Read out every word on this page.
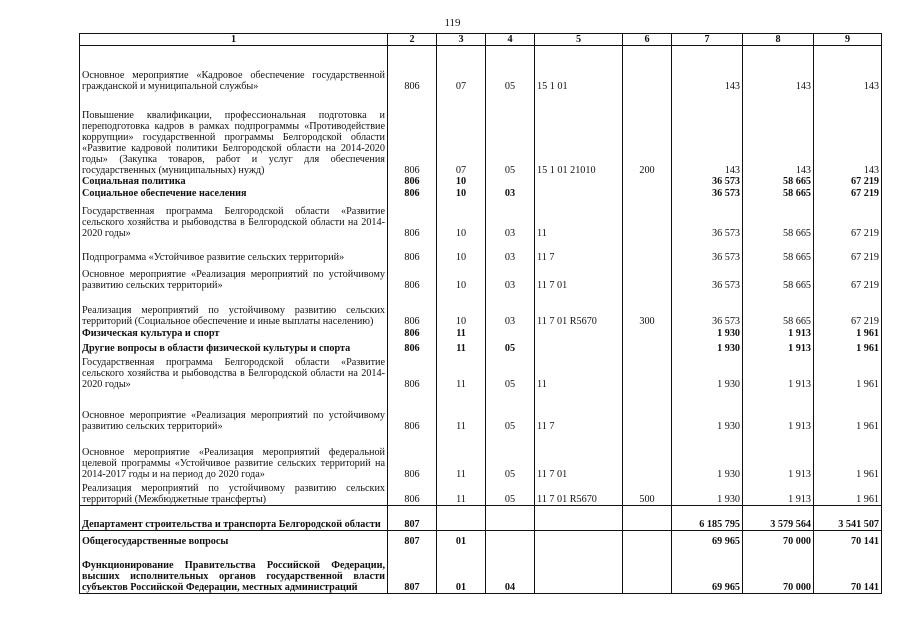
119
1	2	3	4	5	6	7	8	9
Основное мероприятие «Кадровое обеспечение государственной гражданской и муниципальной службы»	806	07	05	15 1 01		143	143	143
Повышение квалификации, профессиональная подготовка и переподготовка кадров в рамках подпрограммы «Противодействие коррупции» государственной программы Белгородской области «Развитие кадровой политики Белгородской области на 2014-2020 годы» (Закупка товаров, работ и услуг для обеспечения государственных (муниципальных) нужд)	806	07	05	15 1 01 21010	200	143	143	143
Социальная политика	806	10				36 573	58 665	67 219
Социальное обеспечение населения	806	10	03			36 573	58 665	67 219
Государственная программа Белгородской области «Развитие сельского хозяйства и рыбоводства в Белгородской области на 2014-2020 годы»	806	10	03	11		36 573	58 665	67 219
Подпрограмма «Устойчивое развитие сельских территорий»	806	10	03	11 7		36 573	58 665	67 219
Основное мероприятие «Реализация мероприятий по устойчивому развитию сельских территорий»	806	10	03	11 7 01		36 573	58 665	67 219
Реализация мероприятий по устойчивому развитию сельских территорий (Социальное обеспечение и иные выплаты населению)	806	10	03	11 7 01 R5670	300	36 573	58 665	67 219
Физическая культура и спорт	806	11				1 930	1 913	1 961
Другие вопросы в области физической культуры и спорта	806	11	05			1 930	1 913	1 961
Государственная программа Белгородской области «Развитие сельского хозяйства и рыбоводства в Белгородской области на 2014-2020 годы»	806	11	05	11		1 930	1 913	1 961
Основное мероприятие «Реализация мероприятий по устойчивому развитию сельских территорий»	806	11	05	11 7		1 930	1 913	1 961
Основное мероприятие «Реализация мероприятий федеральной целевой программы «Устойчивое развитие сельских территорий на 2014-2017 годы и на период до 2020 года»	806	11	05	11 7 01		1 930	1 913	1 961
Реализация мероприятий по устойчивому развитию сельских территорий (Межбюджетные трансферты)	806	11	05	11 7 01 R5670	500	1 930	1 913	1 961
Департамент строительства и транспорта Белгородской области	807					6 185 795	3 579 564	3 541 507
Общегосударственные вопросы	807	01				69 965	70 000	70 141
Функционирование Правительства Российской Федерации, высших исполнительных органов государственной власти субъектов Российской Федерации, местных администраций	807	01	04			69 965	70 000	70 141
